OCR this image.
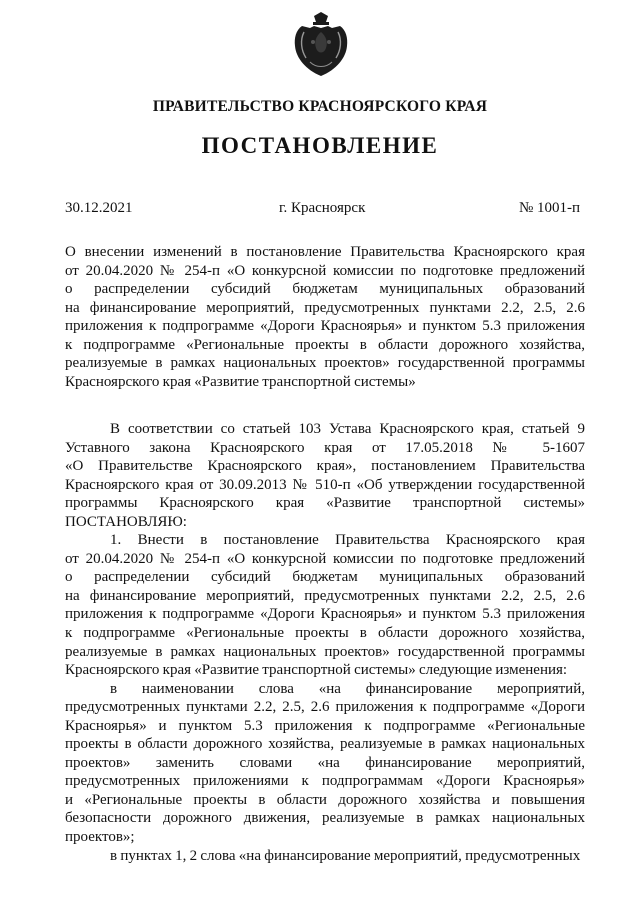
ПРАВИТЕЛЬСТВО КРАСНОЯРСКОГО КРАЯ
ПОСТАНОВЛЕНИЕ
30.12.2021	г. Красноярск	№ 1001-п
О внесении изменений в постановление Правительства Красноярского края
от 20.04.2020 № 254-п «О конкурсной комиссии по подготовке предложений
о распределении субсидий бюджетам муниципальных образований
на финансирование мероприятий, предусмотренных пунктами 2.2, 2.5, 2.6
приложения к подпрограмме «Дороги Красноярья» и пунктом 5.3 приложения
к подпрограмме «Региональные проекты в области дорожного хозяйства,
реализуемые в рамках национальных проектов» государственной программы
Красноярского края «Развитие транспортной системы»
В соответствии со статьей 103 Устава Красноярского края, статьей 9
Уставного закона Красноярского края от 17.05.2018 № 5-1607
«О Правительстве Красноярского края», постановлением Правительства
Красноярского края от 30.09.2013 № 510-п «Об утверждении государственной
программы Красноярского края «Развитие транспортной системы»
ПОСТАНОВЛЯЮ:
1. Внести в постановление Правительства Красноярского края
от 20.04.2020 № 254-п «О конкурсной комиссии по подготовке предложений
о распределении субсидий бюджетам муниципальных образований
на финансирование мероприятий, предусмотренных пунктами 2.2, 2.5, 2.6
приложения к подпрограмме «Дороги Красноярья» и пунктом 5.3 приложения
к подпрограмме «Региональные проекты в области дорожного хозяйства,
реализуемые в рамках национальных проектов» государственной программы
Красноярского края «Развитие транспортной системы» следующие изменения:
в наименовании слова «на финансирование мероприятий,
предусмотренных пунктами 2.2, 2.5, 2.6 приложения к подпрограмме «Дороги
Красноярья» и пунктом 5.3 приложения к подпрограмме «Региональные
проекты в области дорожного хозяйства, реализуемые в рамках национальных
проектов» заменить словами «на финансирование мероприятий,
предусмотренных приложениями к подпрограммам «Дороги Красноярья»
и «Региональные проекты в области дорожного хозяйства и повышения
безопасности дорожного движения, реализуемые в рамках национальных
проектов»;
в пунктах 1, 2 слова «на финансирование мероприятий, предусмотренных
